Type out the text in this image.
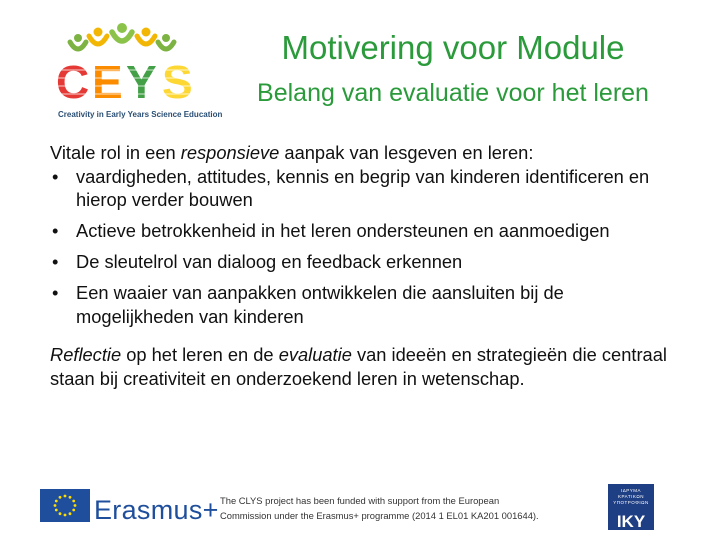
C E Y S
Creativity in Early Years Science Education
Motivering voor Module
Belang van evaluatie voor het leren

Vitale rol in een responsieve aanpak van lesgeven en leren:

• vaardigheden, attitudes, kennis en begrip van kinderen identificeren en hierop verder bouwen
• Actieve betrokkenheid in het leren ondersteunen en aanmoedigen
• De sleutelrol van dialoog en feedback erkennen
• Een waaier van aanpakken ontwikkelen die aansluiten bij de mogelijkheden van kinderen

Reflectie op het leren en de evaluatie van ideeën en strategieën die centraal staan bij creativiteit en onderzoekend leren in wetenschap.

Erasmus+ The CLYS project has been funded with support from the European
Commission under the Erasmus+ programme (2014 1 EL01 KA201 001644).
ΙΔΡΥΜΑ ΚΡΑΤΙΚΩΝ ΥΠΟΤΡΟΦΙΩΝ
IKY
